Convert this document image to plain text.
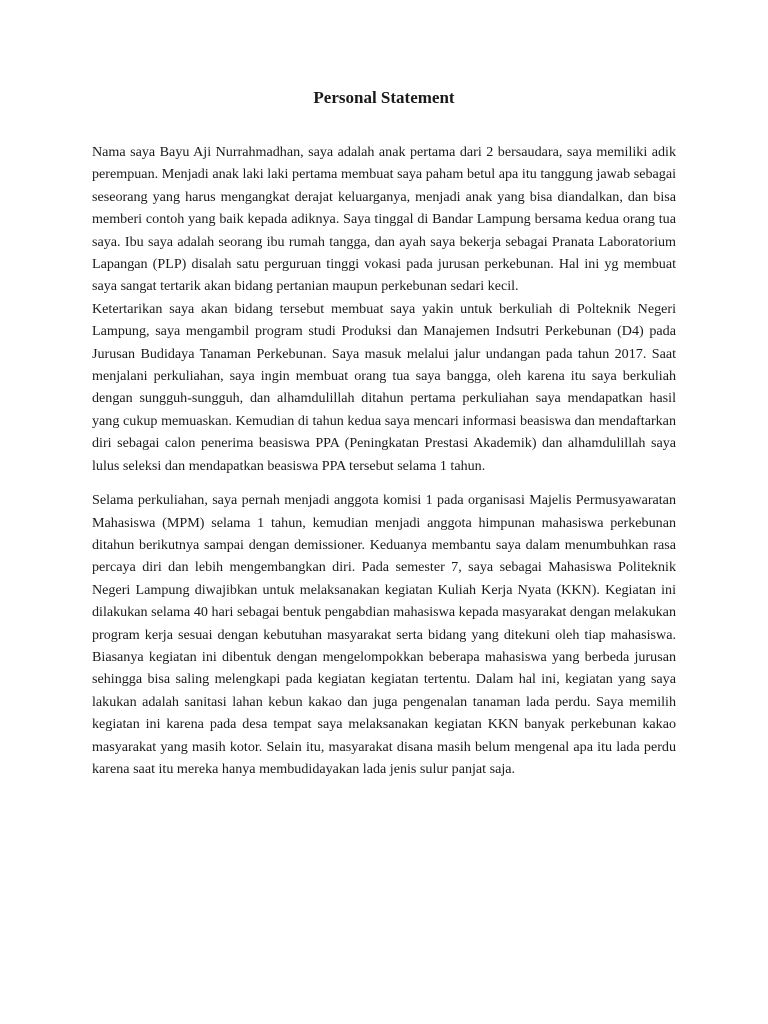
Personal Statement

Nama saya Bayu Aji Nurrahmadhan, saya adalah anak pertama dari 2 bersaudara, saya memiliki adik perempuan. Menjadi anak laki laki pertama membuat saya paham betul apa itu tanggung jawab sebagai seseorang yang harus mengangkat derajat keluarganya, menjadi anak yang bisa diandalkan, dan bisa memberi contoh yang baik kepada adiknya. Saya tinggal di Bandar Lampung bersama kedua orang tua saya. Ibu saya adalah seorang ibu rumah tangga, dan ayah saya bekerja sebagai Pranata Laboratorium Lapangan (PLP) disalah satu perguruan tinggi vokasi pada jurusan perkebunan. Hal ini yg membuat saya sangat tertarik akan bidang pertanian maupun perkebunan sedari kecil.

Ketertarikan saya akan bidang tersebut membuat saya yakin untuk berkuliah di Polteknik Negeri Lampung, saya mengambil program studi Produksi dan Manajemen Indsutri Perkebunan (D4) pada Jurusan Budidaya Tanaman Perkebunan. Saya masuk melalui jalur undangan pada tahun 2017. Saat menjalani perkuliahan, saya ingin membuat orang tua saya bangga, oleh karena itu saya berkuliah dengan sungguh-sungguh, dan alhamdulillah ditahun pertama perkuliahan saya mendapatkan hasil yang cukup memuaskan. Kemudian di tahun kedua saya mencari informasi beasiswa dan mendaftarkan diri sebagai calon penerima beasiswa PPA (Peningkatan Prestasi Akademik) dan alhamdulillah saya lulus seleksi dan mendapatkan beasiswa PPA tersebut selama 1 tahun.

Selama perkuliahan, saya pernah menjadi anggota komisi 1 pada organisasi Majelis Permusyawaratan Mahasiswa (MPM) selama 1 tahun, kemudian menjadi anggota himpunan mahasiswa perkebunan ditahun berikutnya sampai dengan demissioner. Keduanya membantu saya dalam menumbuhkan rasa percaya diri dan lebih mengembangkan diri. Pada semester 7, saya sebagai Mahasiswa Politeknik Negeri Lampung diwajibkan untuk melaksanakan kegiatan Kuliah Kerja Nyata (KKN). Kegiatan ini dilakukan selama 40 hari sebagai bentuk pengabdian mahasiswa kepada masyarakat dengan melakukan program kerja sesuai dengan kebutuhan masyarakat serta bidang yang ditekuni oleh tiap mahasiswa. Biasanya kegiatan ini dibentuk dengan mengelompokkan beberapa mahasiswa yang berbeda jurusan sehingga bisa saling melengkapi pada kegiatan kegiatan tertentu. Dalam hal ini, kegiatan yang saya lakukan adalah sanitasi lahan kebun kakao dan juga pengenalan tanaman lada perdu. Saya memilih kegiatan ini karena pada desa tempat saya melaksanakan kegiatan KKN banyak perkebunan kakao masyarakat yang masih kotor. Selain itu, masyarakat disana masih belum mengenal apa itu lada perdu karena saat itu mereka hanya membudidayakan lada jenis sulur panjat saja.
